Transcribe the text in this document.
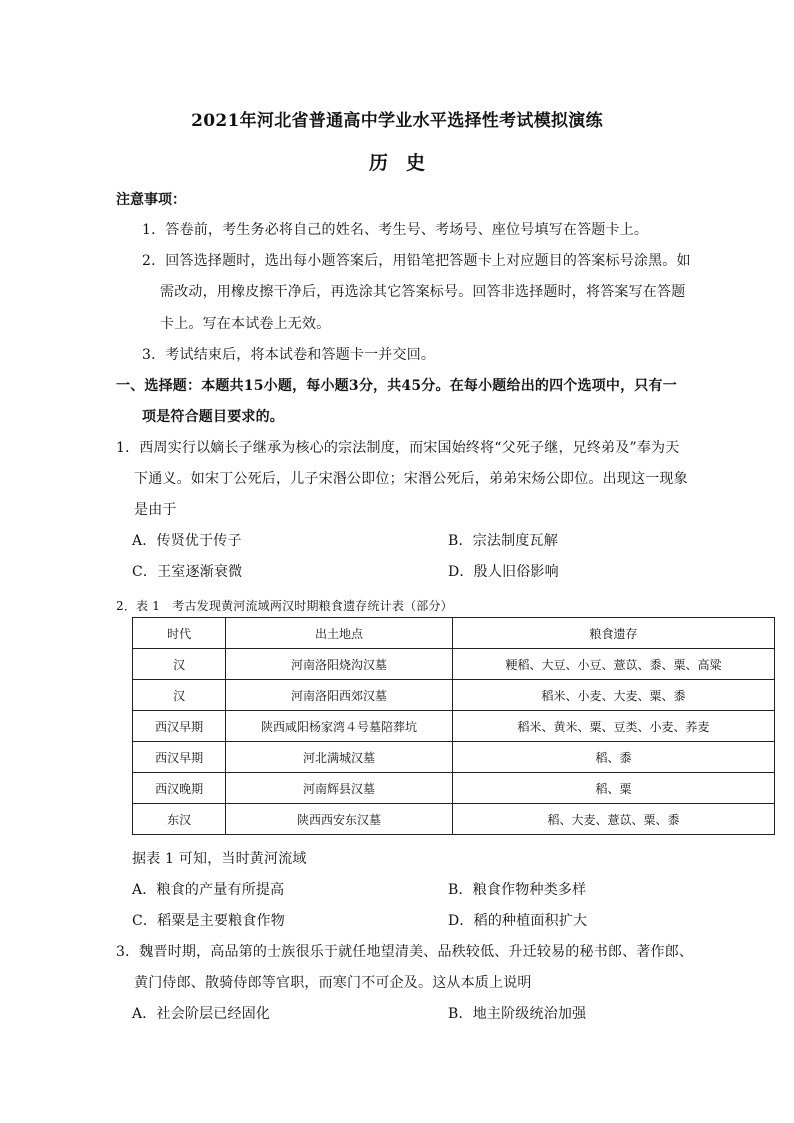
2021年河北省普通高中学业水平选择性考试模拟演练
历史
注意事项：
1．答卷前，考生务必将自己的姓名、考生号、考场号、座位号填写在答题卡上。
2．回答选择题时，选出每小题答案后，用铅笔把答题卡上对应题目的答案标号涂黑。如
需改动，用橡皮擦干净后，再选涂其它答案标号。回答非选择题时，将答案写在答题
卡上。写在本试卷上无效。
3．考试结束后，将本试卷和答题卡一并交回。
一、选择题：本题共15小题，每小题3分，共45分。在每小题给出的四个选项中，只有一
项是符合题目要求的。
1．西周实行以嫡长子继承为核心的宗法制度，而宋国始终将“父死子继，兄终弟及”奉为天
下通义。如宋丁公死后，儿子宋湣公即位；宋湣公死后，弟弟宋炀公即位。出现这一现象
是由于
A．传贤优于传子	B．宗法制度瓦解
C．王室逐渐衰微	D．殷人旧俗影响
2．表 1　考古发现黄河流域两汉时期粮食遗存统计表（部分）
时代	出土地点	粮食遗存
汉	河南洛阳烧沟汉墓	粳稻、大豆、小豆、薏苡、黍、粟、高粱
汉	河南洛阳西郊汉墓	稻米、小麦、大麦、粟、黍
西汉早期	陕西咸阳杨家湾４号墓陪葬坑	稻米、黄米、粟、豆类、小麦、荞麦
西汉早期	河北满城汉墓	稻、黍
西汉晚期	河南辉县汉墓	稻、粟
东汉	陕西西安东汉墓	稻、大麦、薏苡、粟、黍
据表 1 可知，当时黄河流域
A．粮食的产量有所提高	B．粮食作物种类多样
C．稻粟是主要粮食作物	D．稻的种植面积扩大
3．魏晋时期，高品第的士族很乐于就任地望清美、品秩较低、升迁较易的秘书郎、著作郎、
黄门侍郎、散骑侍郎等官职，而寒门不可企及。这从本质上说明
A．社会阶层已经固化	B．地主阶级统治加强
